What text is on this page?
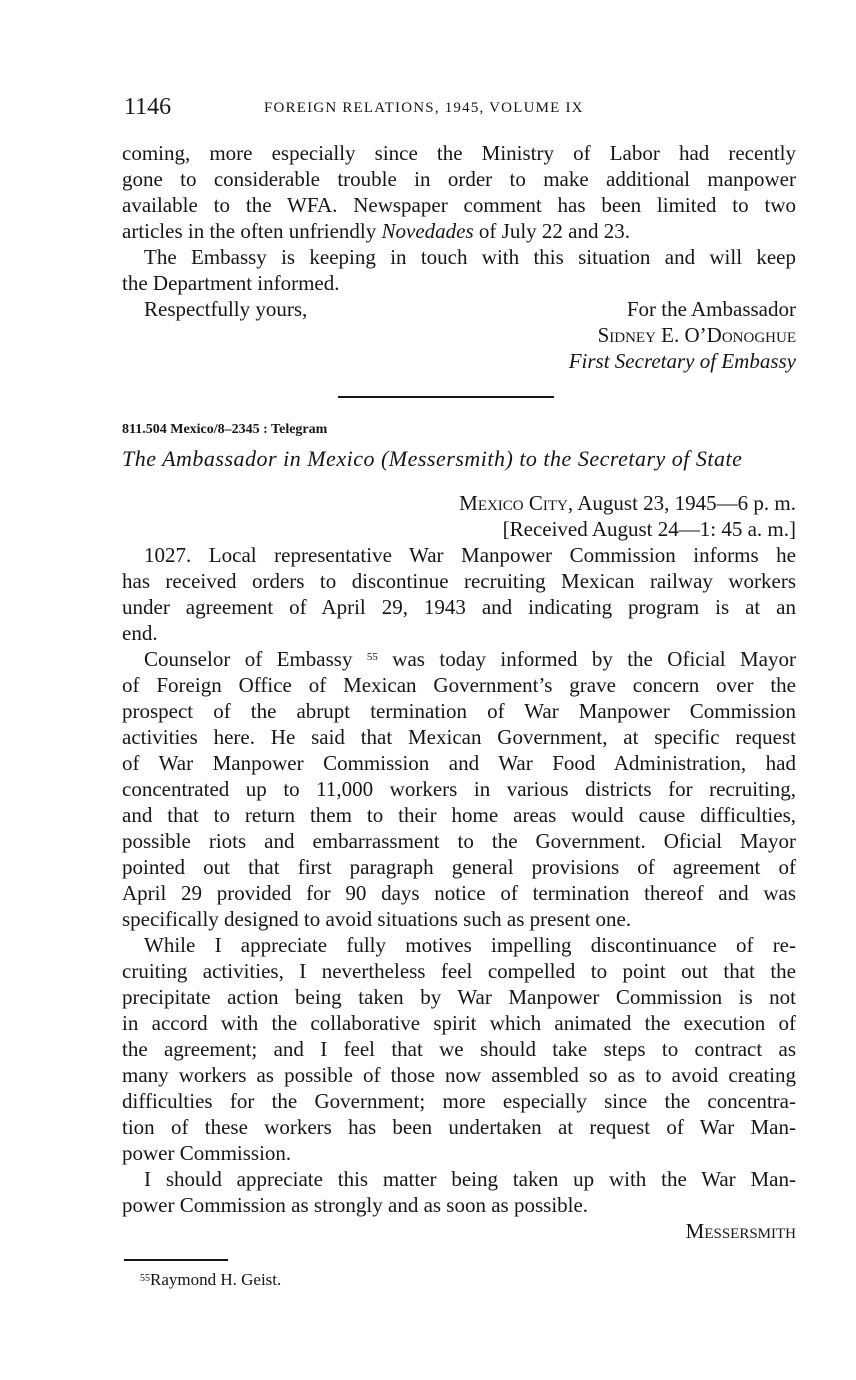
1146	FOREIGN RELATIONS, 1945, VOLUME IX
coming, more especially since the Ministry of Labor had recently
gone to considerable trouble in order to make additional manpower
available to the WFA. Newspaper comment has been limited to two
articles in the often unfriendly Novedades of July 22 and 23.
The Embassy is keeping in touch with this situation and will keep
the Department informed.
Respectfully yours,	For the Ambassador
Sidney E. O’Donoghue
First Secretary of Embassy
811.504 Mexico/8–2345 : Telegram
The Ambassador in Mexico (Messersmith) to the Secretary of State
Mexico City, August 23, 1945—6 p. m.
[Received August 24—1: 45 a. m.]
1027. Local representative War Manpower Commission informs he
has received orders to discontinue recruiting Mexican railway workers
under agreement of April 29, 1943 and indicating program is at an
end.
Counselor of Embassy $^{55}$ was today informed by the Oficial Mayor
of Foreign Office of Mexican Government’s grave concern over the
prospect of the abrupt termination of War Manpower Commission
activities here. He said that Mexican Government, at specific request
of War Manpower Commission and War Food Administration, had
concentrated up to 11,000 workers in various districts for recruiting,
and that to return them to their home areas would cause difficulties,
possible riots and embarrassment to the Government. Oficial Mayor
pointed out that first paragraph general provisions of agreement of
April 29 provided for 90 days notice of termination thereof and was
specifically designed to avoid situations such as present one.
While I appreciate fully motives impelling discontinuance of re-
cruiting activities, I nevertheless feel compelled to point out that the
precipitate action being taken by War Manpower Commission is not
in accord with the collaborative spirit which animated the execution of
the agreement; and I feel that we should take steps to contract as
many workers as possible of those now assembled so as to avoid creating
difficulties for the Government; more especially since the concentra-
tion of these workers has been undertaken at request of War Man-
power Commission.
I should appreciate this matter being taken up with the War Man-
power Commission as strongly and as soon as possible.
Messersmith
$^{55}$Raymond H. Geist.
